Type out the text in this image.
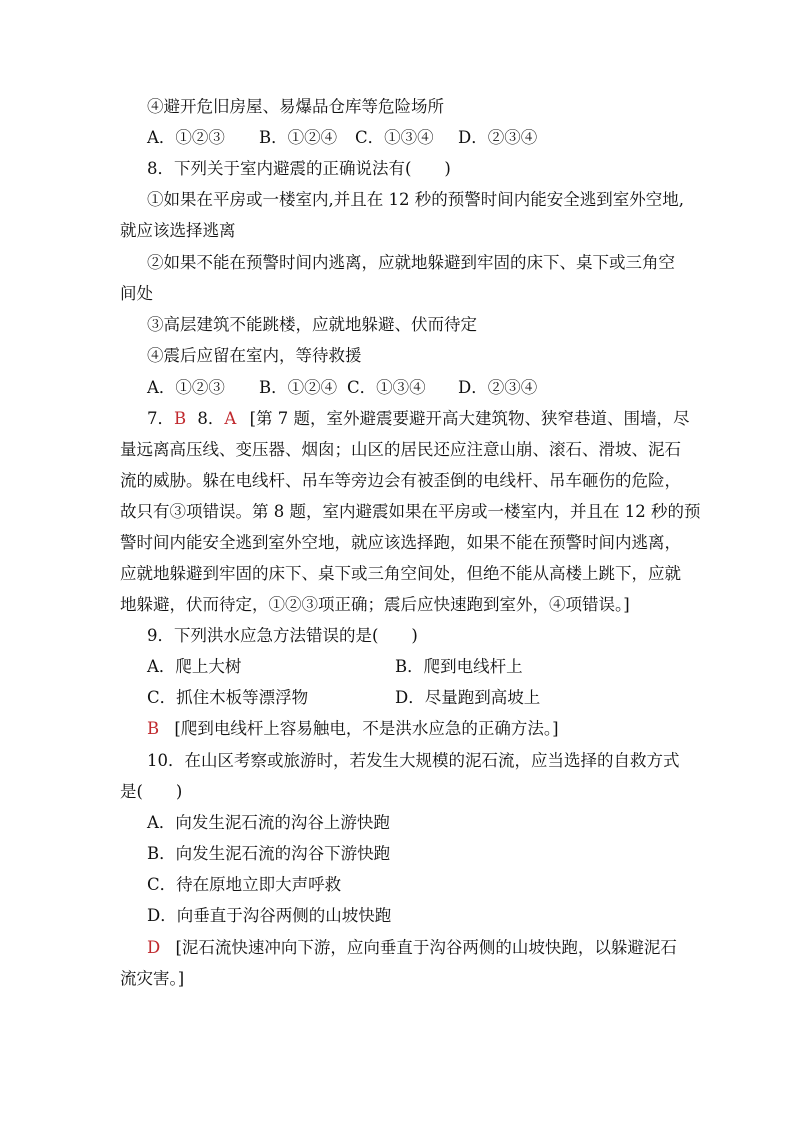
④避开危旧房屋、易爆品仓库等危险场所
A．①②③ B．①②④ C．①③④ D．②③④
8．下列关于室内避震的正确说法有(　　)
①如果在平房或一楼室内,并且在 12 秒的预警时间内能安全逃到室外空地,
就应该选择逃离
②如果不能在预警时间内逃离，应就地躲避到牢固的床下、桌下或三角空
间处
③高层建筑不能跳楼，应就地躲避、伏而待定
④震后应留在室内，等待救援
A．①②③ B．①②④ C．①③④ D．②③④
7．B 8．A [第 7 题，室外避震要避开高大建筑物、狭窄巷道、围墙，尽
量远离高压线、变压器、烟囱；山区的居民还应注意山崩、滚石、滑坡、泥石
流的威胁。躲在电线杆、吊车等旁边会有被歪倒的电线杆、吊车砸伤的危险，
故只有③项错误。第 8 题，室内避震如果在平房或一楼室内，并且在 12 秒的预
警时间内能安全逃到室外空地，就应该选择跑，如果不能在预警时间内逃离，
应就地躲避到牢固的床下、桌下或三角空间处，但绝不能从高楼上跳下，应就
地躲避，伏而待定，①②③项正确；震后应快速跑到室外，④项错误。]
9．下列洪水应急方法错误的是(　　)
A．爬上大树	B．爬到电线杆上
C．抓住木板等漂浮物	D．尽量跑到高坡上
B [爬到电线杆上容易触电，不是洪水应急的正确方法。]
10．在山区考察或旅游时，若发生大规模的泥石流，应当选择的自救方式
是(　　)
A．向发生泥石流的沟谷上游快跑
B．向发生泥石流的沟谷下游快跑
C．待在原地立即大声呼救
D．向垂直于沟谷两侧的山坡快跑
D [泥石流快速冲向下游，应向垂直于沟谷两侧的山坡快跑，以躲避泥石
流灾害。]
